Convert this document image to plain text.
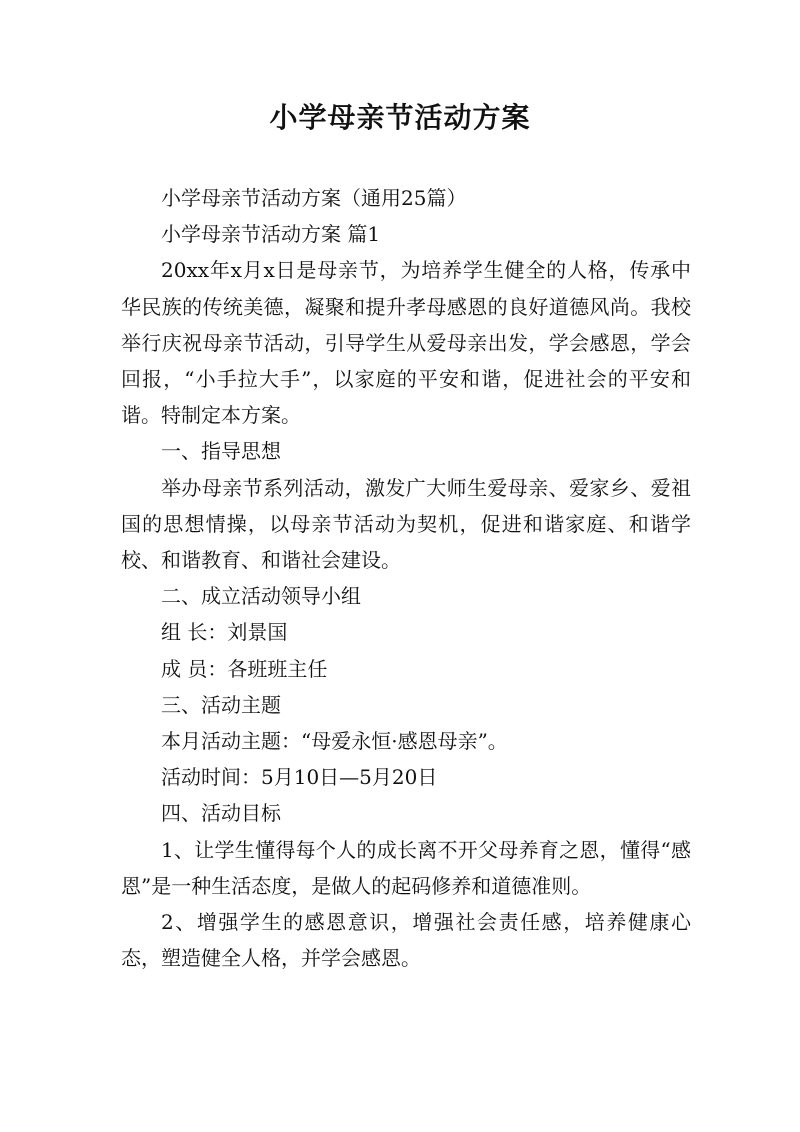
小学母亲节活动方案

小学母亲节活动方案（通用25篇）

小学母亲节活动方案 篇1

20xx年x月x日是母亲节，为培养学生健全的人格，传承中华民族的传统美德，凝聚和提升孝母感恩的良好道德风尚。我校举行庆祝母亲节活动，引导学生从爱母亲出发，学会感恩，学会回报，“小手拉大手”，以家庭的平安和谐，促进社会的平安和谐。特制定本方案。

一、指导思想

举办母亲节系列活动，激发广大师生爱母亲、爱家乡、爱祖国的思想情操，以母亲节活动为契机，促进和谐家庭、和谐学校、和谐教育、和谐社会建设。

二、成立活动领导小组

组 长：刘景国

成 员：各班班主任

三、活动主题

本月活动主题：“母爱永恒·感恩母亲”。

活动时间：5月10日—5月20日

四、活动目标

1、让学生懂得每个人的成长离不开父母养育之恩，懂得“感恩”是一种生活态度，是做人的起码修养和道德准则。

2、增强学生的感恩意识，增强社会责任感，培养健康心态，塑造健全人格，并学会感恩。
